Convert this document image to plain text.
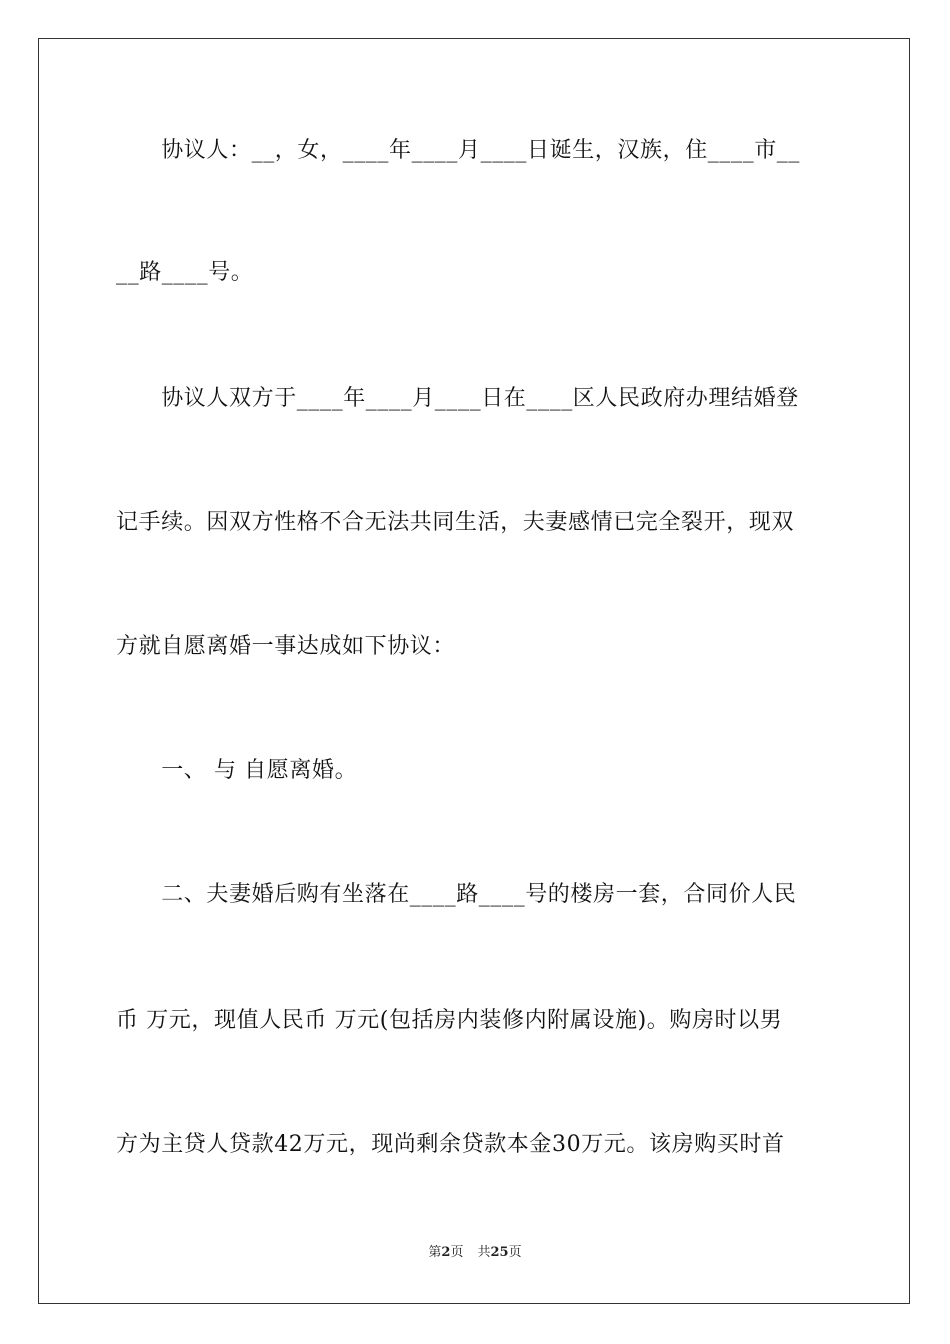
　　协议人：__，女，____年____月____日诞生，汉族，住____市__
__路____号。
　　协议人双方于____年____月____日在____区人民政府办理结婚登
记手续。因双方性格不合无法共同生活，夫妻感情已完全裂开，现双
方就自愿离婚一事达成如下协议：
　　一、 与 自愿离婚。
　　二、夫妻婚后购有坐落在____路____号的楼房一套，合同价人民
币 万元，现值人民币 万元(包括房内装修内附属设施)。购房时以男
方为主贷人贷款42万元，现尚剩余贷款本金30万元。该房购买时首
第2页 共25页
